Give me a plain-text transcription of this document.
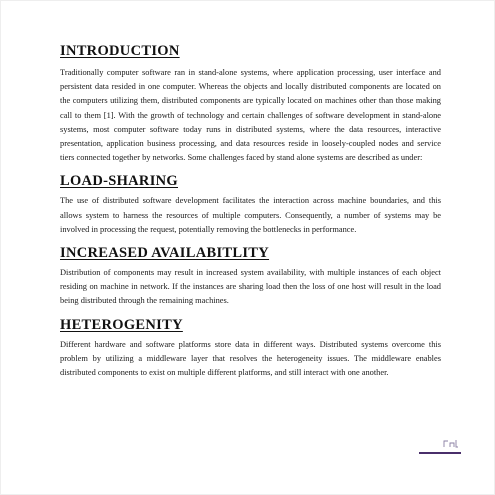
INTRODUCTION

Traditionally computer software ran in stand-alone systems, where application processing, user interface and persistent data resided in one computer. Whereas the objects and locally distributed components are located on the computers utilizing them, distributed components are typically located on machines other than those making call to them [1]. With the growth of technology and certain challenges of software development in stand-alone systems, most computer software today runs in distributed systems, where the data resources, interactive presentation, application business processing, and data resources reside in loosely-coupled nodes and service tiers connected together by networks. Some challenges faced by stand alone systems are described as under:

LOAD-SHARING

The use of distributed software development facilitates the interaction across machine boundaries, and this allows system to harness the resources of multiple computers. Consequently, a number of systems may be involved in processing the request, potentially removing the bottlenecks in performance.

INCREASED AVAILABITLITY

Distribution of components may result in increased system availability, with multiple instances of each object residing on machine in network. If the instances are sharing load then the loss of one host will result in the load being distributed through the remaining machines.

HETEROGENITY

Different hardware and software platforms store data in different ways. Distributed systems overcome this problem by utilizing a middleware layer that resolves the heterogeneity issues. The middleware enables distributed components to exist on multiple different platforms, and still interact with one another.
